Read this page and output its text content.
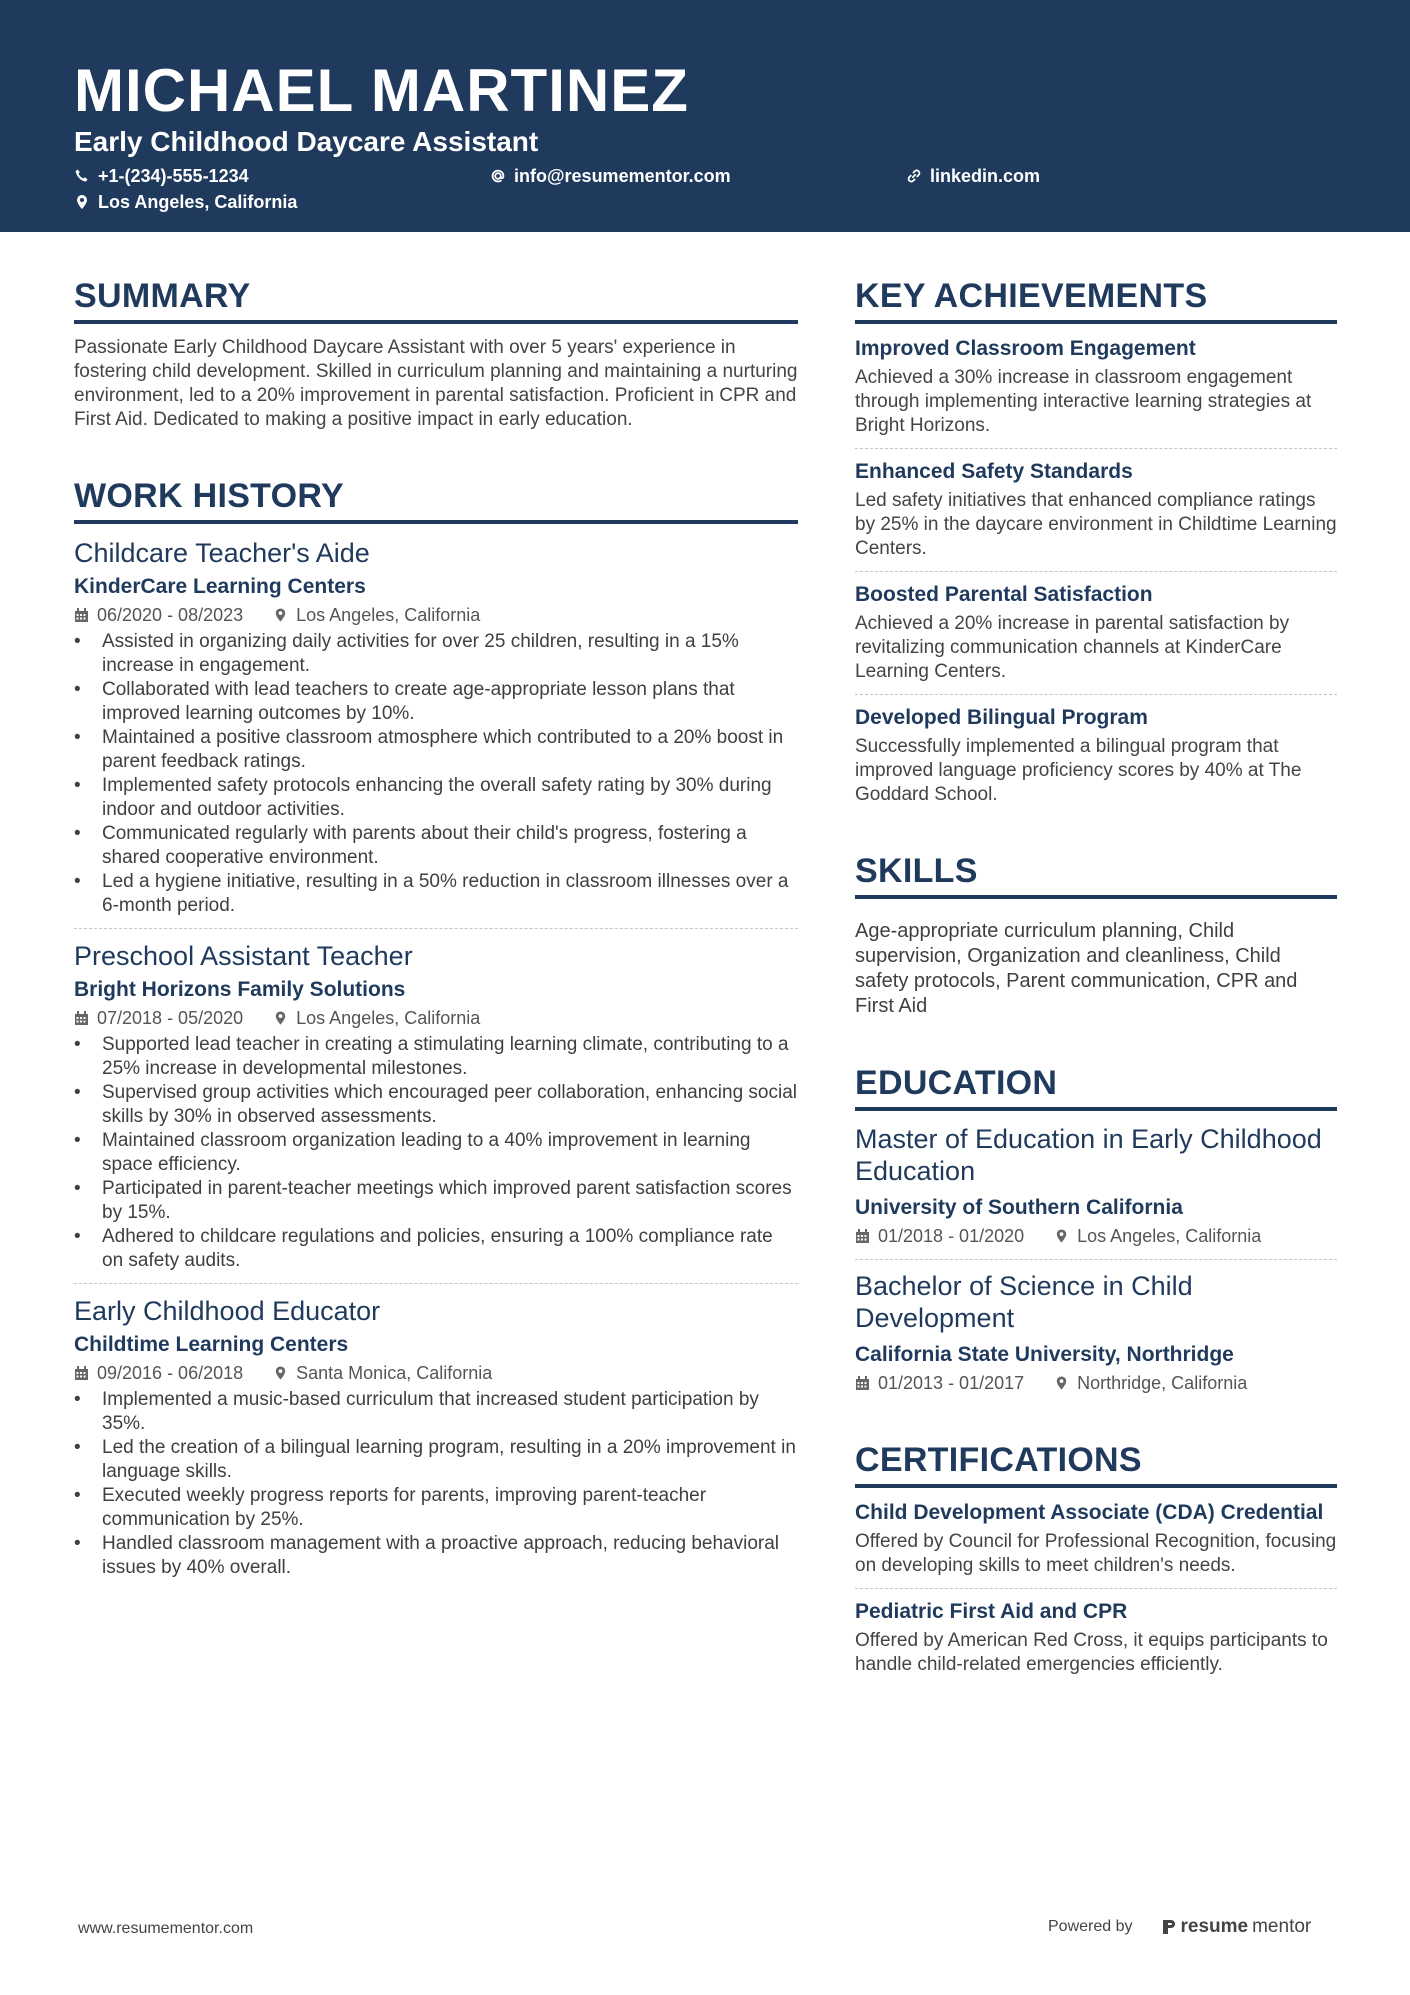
MICHAEL MARTINEZ
Early Childhood Daycare Assistant
+1-(234)-555-1234	info@resumementor.com	linkedin.com
Los Angeles, California
SUMMARY
Passionate Early Childhood Daycare Assistant with over 5 years' experience in fostering child development. Skilled in curriculum planning and maintaining a nurturing environment, led to a 20% improvement in parental satisfaction. Proficient in CPR and First Aid. Dedicated to making a positive impact in early education.
WORK HISTORY
Childcare Teacher's Aide
KinderCare Learning Centers
06/2020 - 08/2023	Los Angeles, California
• Assisted in organizing daily activities for over 25 children, resulting in a 15% increase in engagement.
• Collaborated with lead teachers to create age-appropriate lesson plans that improved learning outcomes by 10%.
• Maintained a positive classroom atmosphere which contributed to a 20% boost in parent feedback ratings.
• Implemented safety protocols enhancing the overall safety rating by 30% during indoor and outdoor activities.
• Communicated regularly with parents about their child's progress, fostering a shared cooperative environment.
• Led a hygiene initiative, resulting in a 50% reduction in classroom illnesses over a 6-month period.
Preschool Assistant Teacher
Bright Horizons Family Solutions
07/2018 - 05/2020	Los Angeles, California
• Supported lead teacher in creating a stimulating learning climate, contributing to a 25% increase in developmental milestones.
• Supervised group activities which encouraged peer collaboration, enhancing social skills by 30% in observed assessments.
• Maintained classroom organization leading to a 40% improvement in learning space efficiency.
• Participated in parent-teacher meetings which improved parent satisfaction scores by 15%.
• Adhered to childcare regulations and policies, ensuring a 100% compliance rate on safety audits.
Early Childhood Educator
Childtime Learning Centers
09/2016 - 06/2018	Santa Monica, California
• Implemented a music-based curriculum that increased student participation by 35%.
• Led the creation of a bilingual learning program, resulting in a 20% improvement in language skills.
• Executed weekly progress reports for parents, improving parent-teacher communication by 25%.
• Handled classroom management with a proactive approach, reducing behavioral issues by 40% overall.
KEY ACHIEVEMENTS
Improved Classroom Engagement
Achieved a 30% increase in classroom engagement through implementing interactive learning strategies at Bright Horizons.
Enhanced Safety Standards
Led safety initiatives that enhanced compliance ratings by 25% in the daycare environment in Childtime Learning Centers.
Boosted Parental Satisfaction
Achieved a 20% increase in parental satisfaction by revitalizing communication channels at KinderCare Learning Centers.
Developed Bilingual Program
Successfully implemented a bilingual program that improved language proficiency scores by 40% at The Goddard School.
SKILLS
Age-appropriate curriculum planning, Child supervision, Organization and cleanliness, Child safety protocols, Parent communication, CPR and First Aid
EDUCATION
Master of Education in Early Childhood Education
University of Southern California
01/2018 - 01/2020	Los Angeles, California
Bachelor of Science in Child Development
California State University, Northridge
01/2013 - 01/2017	Northridge, California
CERTIFICATIONS
Child Development Associate (CDA) Credential
Offered by Council for Professional Recognition, focusing on developing skills to meet children's needs.
Pediatric First Aid and CPR
Offered by American Red Cross, it equips participants to handle child-related emergencies efficiently.
www.resumementor.com	Powered by	resume mentor
